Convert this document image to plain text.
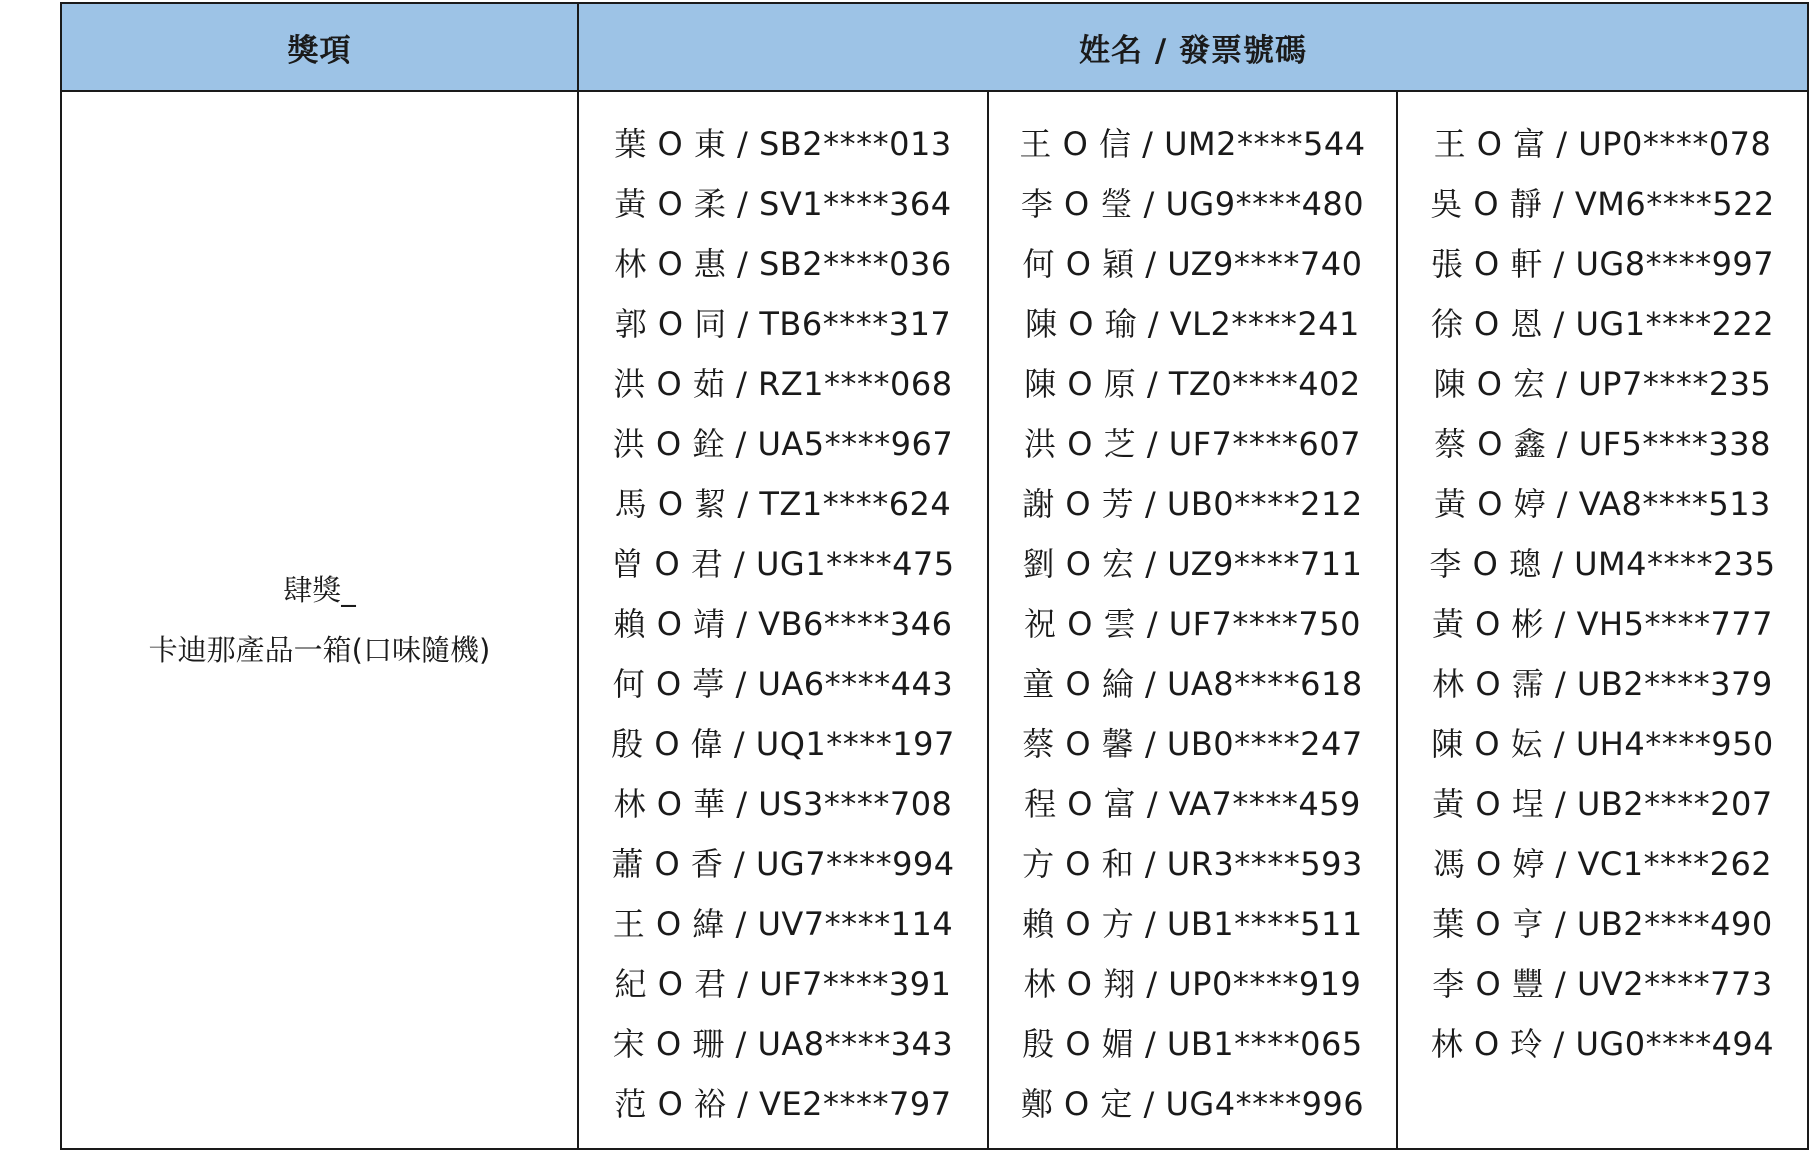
獎項	姓名 / 發票號碼
肆獎_
卡迪那產品一箱(口味隨機)
葉 O 東 / SB2****013
黃 O 柔 / SV1****364
林 O 惠 / SB2****036
郭 O 同 / TB6****317
洪 O 茹 / RZ1****068
洪 O 銓 / UA5****967
馬 O 絜 / TZ1****624
曾 O 君 / UG1****475
賴 O 靖 / VB6****346
何 O 葶 / UA6****443
殷 O 偉 / UQ1****197
林 O 華 / US3****708
蕭 O 香 / UG7****994
王 O 緯 / UV7****114
紀 O 君 / UF7****391
宋 O 珊 / UA8****343
范 O 裕 / VE2****797
王 O 信 / UM2****544
李 O 瑩 / UG9****480
何 O 穎 / UZ9****740
陳 O 瑜 / VL2****241
陳 O 原 / TZ0****402
洪 O 芝 / UF7****607
謝 O 芳 / UB0****212
劉 O 宏 / UZ9****711
祝 O 雲 / UF7****750
童 O 綸 / UA8****618
蔡 O 馨 / UB0****247
程 O 富 / VA7****459
方 O 和 / UR3****593
賴 O 方 / UB1****511
林 O 翔 / UP0****919
殷 O 媚 / UB1****065
鄭 O 定 / UG4****996
王 O 富 / UP0****078
吳 O 靜 / VM6****522
張 O 軒 / UG8****997
徐 O 恩 / UG1****222
陳 O 宏 / UP7****235
蔡 O 鑫 / UF5****338
黃 O 婷 / VA8****513
李 O 璁 / UM4****235
黃 O 彬 / VH5****777
林 O 霈 / UB2****379
陳 O 妘 / UH4****950
黃 O 埕 / UB2****207
馮 O 婷 / VC1****262
葉 O 亨 / UB2****490
李 O 豐 / UV2****773
林 O 玲 / UG0****494
